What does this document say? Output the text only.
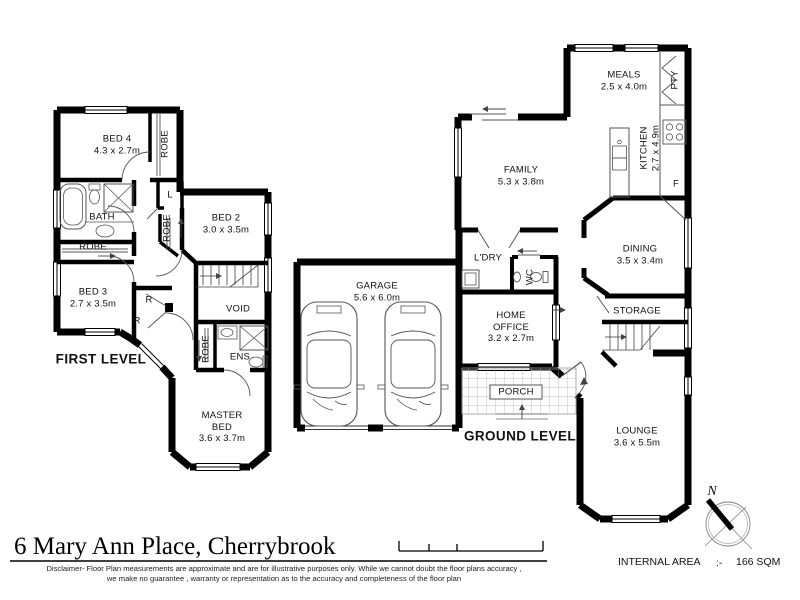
BED 4
4.3 x 2.7m	ROBE
BATH
ROBE
BED 3
2.7 x 3.5m
L
ROBE	BED 2
3.0 x 3.5m
R
R
VOID
ROBE ENS
MASTER BED
3.6 x 3.7m
FIRST LEVEL
MEALS
2.5 x 4.0m	PTY
KITCHEN 2.7 x 4.9m
F
FAMILY
5.3 x 3.8m
DINING
3.5 x 3.4m
L'DRY
WC
GARAGE
5.6 x 6.0m
HOME OFFICE
3.2 x 2.7m
STORAGE
PORCH
LOUNGE
3.6 x 5.5m
GROUND LEVEL
6 Mary Ann Place, Cherrybrook
Disclaimer- Floor Plan measurements are approximate and are for illustrative purposes only. While we cannot doubt the floor plans accuracy ,
we make no guarantee , warranty or representation as to the accuracy and completeness of the floor plan
INTERNAL AREA :- 166 SQM
N
